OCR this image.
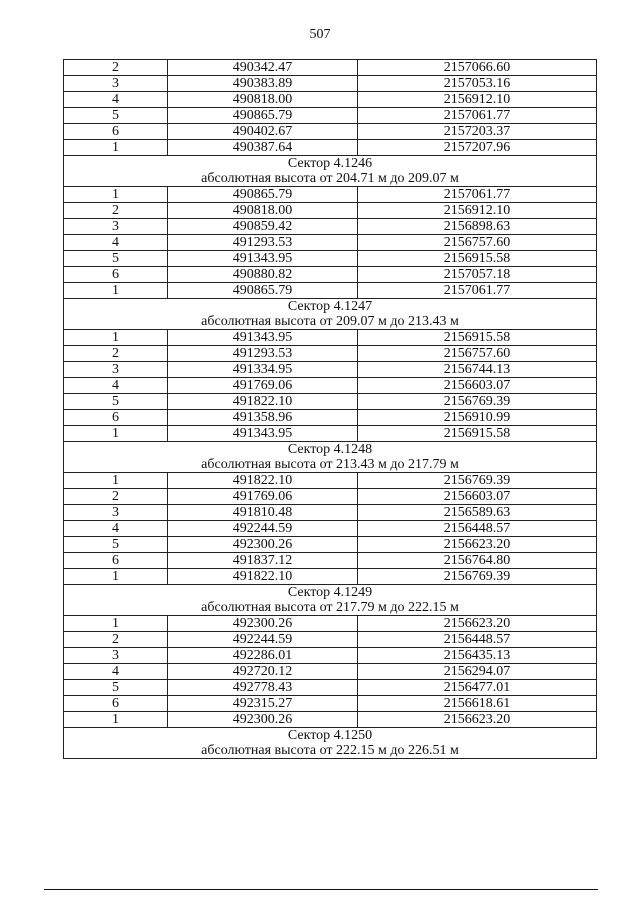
507
2	490342.47	2157066.60
3	490383.89	2157053.16
4	490818.00	2156912.10
5	490865.79	2157061.77
6	490402.67	2157203.37
1	490387.64	2157207.96
Сектор 4.1246		
абсолютная высота от 204.71 м до 209.07 м		
1	490865.79	2157061.77
2	490818.00	2156912.10
3	490859.42	2156898.63
4	491293.53	2156757.60
5	491343.95	2156915.58
6	490880.82	2157057.18
1	490865.79	2157061.77
Сектор 4.1247		
абсолютная высота от 209.07 м до 213.43 м		
1	491343.95	2156915.58
2	491293.53	2156757.60
3	491334.95	2156744.13
4	491769.06	2156603.07
5	491822.10	2156769.39
6	491358.96	2156910.99
1	491343.95	2156915.58
Сектор 4.1248		
абсолютная высота от 213.43 м до 217.79 м		
1	491822.10	2156769.39
2	491769.06	2156603.07
3	491810.48	2156589.63
4	492244.59	2156448.57
5	492300.26	2156623.20
6	491837.12	2156764.80
1	491822.10	2156769.39
Сектор 4.1249		
абсолютная высота от 217.79 м до 222.15 м		
1	492300.26	2156623.20
2	492244.59	2156448.57
3	492286.01	2156435.13
4	492720.12	2156294.07
5	492778.43	2156477.01
6	492315.27	2156618.61
1	492300.26	2156623.20
Сектор 4.1250		
абсолютная высота от 222.15 м до 226.51 м		
